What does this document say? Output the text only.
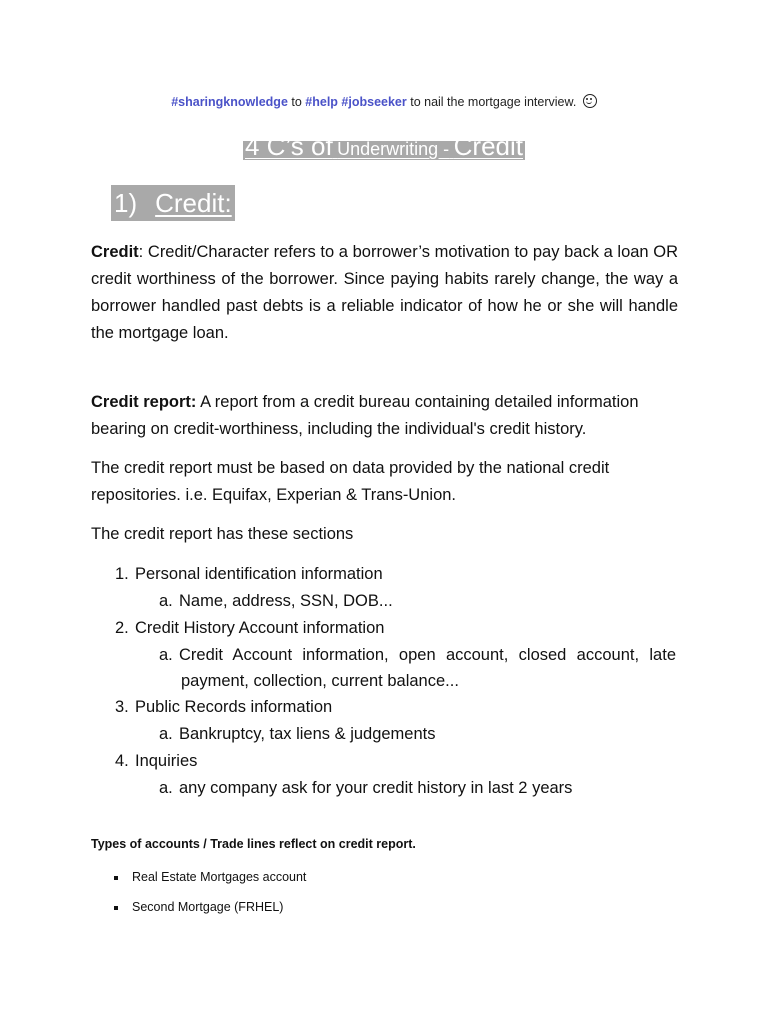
#sharingknowledge to #help #jobseeker to nail the mortgage interview.
4 C’s of Underwriting - Credit
1) Credit:
Credit: Credit/Character refers to a borrower’s motivation to pay back a loan OR credit worthiness of the borrower. Since paying habits rarely change, the way a borrower handled past debts is a reliable indicator of how he or she will handle the mortgage loan.
Credit report: A report from a credit bureau containing detailed information bearing on credit-worthiness, including the individual's credit history.
The credit report must be based on data provided by the national credit repositories. i.e. Equifax, Experian & Trans-Union.
The credit report has these sections
1. Personal identification information
a. Name, address, SSN, DOB...
2. Credit History Account information
a. Credit Account information, open account, closed account, late
payment, collection, current balance...
3. Public Records information
a. Bankruptcy, tax liens & judgements
4. Inquiries
a. any company ask for your credit history in last 2 years
Types of accounts / Trade lines reflect on credit report.
Real Estate Mortgages account
Second Mortgage (FRHEL)
